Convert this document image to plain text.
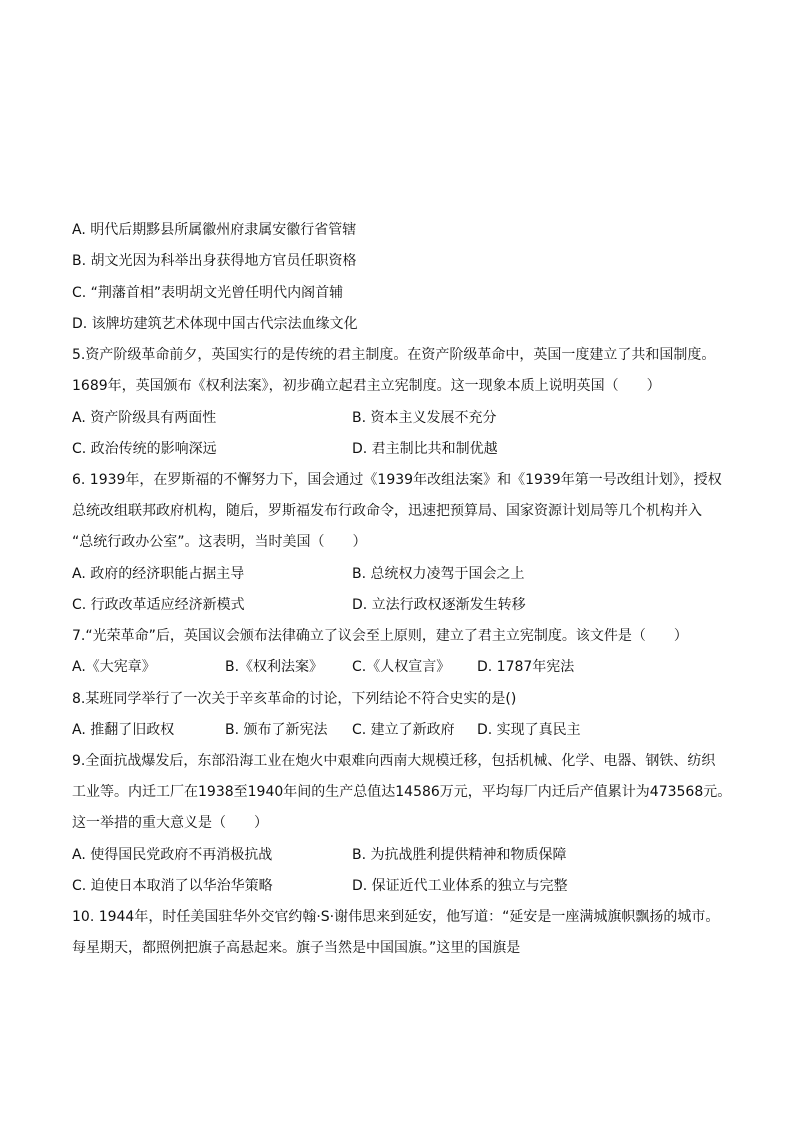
A. 明代后期黟县所属徽州府隶属安徽行省管辖
B. 胡文光因为科举出身获得地方官员任职资格
C. “荆藩首相”表明胡文光曾任明代内阁首辅
D. 该牌坊建筑艺术体现中国古代宗法血缘文化
5.资产阶级革命前夕，英国实行的是传统的君主制度。在资产阶级革命中，英国一度建立了共和国制度。
1689年，英国颁布《权利法案》，初步确立起君主立宪制度。这一现象本质上说明英国（　　）
A. 资产阶级具有两面性	B. 资本主义发展不充分
C. 政治传统的影响深远	D. 君主制比共和制优越
6. 1939年，在罗斯福的不懈努力下，国会通过《1939年改组法案》和《1939年第一号改组计划》，授权
总统改组联邦政府机构，随后，罗斯福发布行政命令，迅速把预算局、国家资源计划局等几个机构并入
“总统行政办公室”。这表明，当时美国（　　）
A. 政府的经济职能占据主导	B. 总统权力凌驾于国会之上
C. 行政改革适应经济新模式	D. 立法行政权逐渐发生转移
7.“光荣革命”后，英国议会颁布法律确立了议会至上原则，建立了君主立宪制度。该文件是（　　）
A.《大宪章》	B.《权利法案》 C.《人权宣言》 D. 1787年宪法
8.某班同学举行了一次关于辛亥革命的讨论，下列结论不符合史实的是()
A. 推翻了旧政权	B. 颁布了新宪法 C. 建立了新政府 D. 实现了真民主
9.全面抗战爆发后，东部沿海工业在炮火中艰难向西南大规模迁移，包括机械、化学、电器、钢铁、纺织
工业等。内迁工厂在1938至1940年间的生产总值达14586万元，平均每厂内迁后产值累计为473568元。
这一举措的重大意义是（　　）
A. 使得国民党政府不再消极抗战	B. 为抗战胜利提供精神和物质保障
C. 迫使日本取消了以华治华策略	D. 保证近代工业体系的独立与完整
10. 1944年，时任美国驻华外交官约翰·S·谢伟思来到延安，他写道：“延安是一座满城旗帜飘扬的城市。
每星期天，都照例把旗子高悬起来。旗子当然是中国国旗。”这里的国旗是
